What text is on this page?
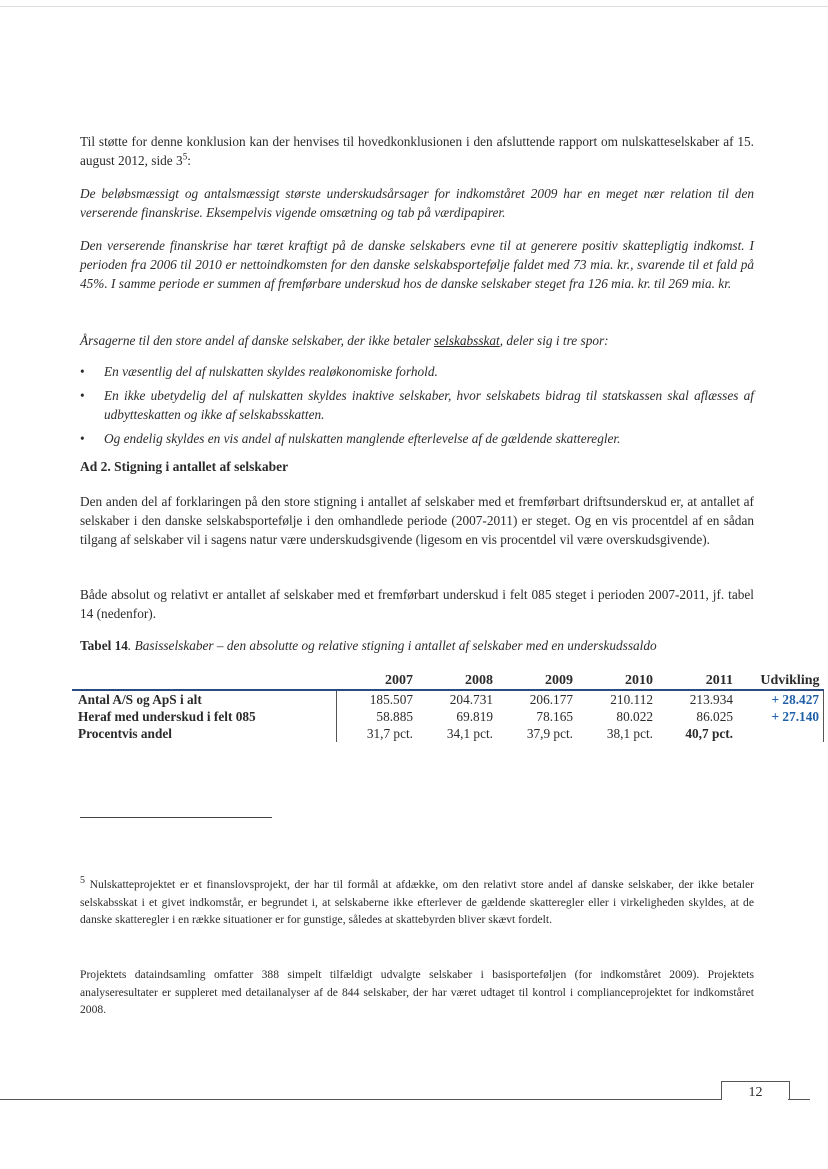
Til støtte for denne konklusion kan der henvises til hovedkonklusionen i den afsluttende rapport om nulskatteselskaber af 15. august 2012, side $3^5$:

De beløbsmæssigt og antalsmæssigt største underskudsårsager for indkomståret 2009 har en meget nær relation til den verserende finanskrise. Eksempelvis vigende omsætning og tab på værdipapirer.

Den verserende finanskrise har tæret kraftigt på de danske selskabers evne til at generere positiv skattepligtig indkomst. I perioden fra 2006 til 2010 er nettoindkomsten for den danske selskabsportefølje faldet med 73 mia. kr., svarende til et fald på 45%. I samme periode er summen af fremførbare underskud hos de danske selskaber steget fra 126 mia. kr. til 269 mia. kr.

Årsagerne til den store andel af danske selskaber, der ikke betaler selskabsskat, deler sig i tre spor:

• En væsentlig del af nulskatten skyldes realøkonomiske forhold.
• En ikke ubetydelig del af nulskatten skyldes inaktive selskaber, hvor selskabets bidrag til statskassen skal aflæsses af udbytteskatten og ikke af selskabsskatten.
• Og endelig skyldes en vis andel af nulskatten manglende efterlevelse af de gældende skatteregler.
Ad 2. Stigning i antallet af selskaber

Den anden del af forklaringen på den store stigning i antallet af selskaber med et fremførbart driftsunderskud er, at antallet af selskaber i den danske selskabsportefølje i den omhandlede periode (2007-2011) er steget. Og en vis procentdel af en sådan tilgang af selskaber vil i sagens natur være underskudsgivende (ligesom en vis procentdel vil være overskudsgivende).

Både absolut og relativt er antallet af selskaber med et fremførbart underskud i felt 085 steget i perioden 2007-2011, jf. tabel 14 (nedenfor).

Tabel 14. Basisselskaber – den absolutte og relative stigning i antallet af selskaber med en underskudssaldo

	2007	2008	2009	2010	2011	Udvikling
Antal A/S og ApS i alt	185.507	204.731	206.177	210.112	213.934	+ 28.427
Heraf med underskud i felt 085	58.885	69.819	78.165	80.022	86.025	+ 27.140
Procentvis andel	31,7 pct.	34,1 pct.	37,9 pct.	38,1 pct.	40,7 pct.	

$^5$ Nulskatteprojektet er et finanslovsprojekt, der har til formål at afdække, om den relativt store andel af danske selskaber, der ikke betaler selskabsskat i et givet indkomstår, er begrundet i, at selskaberne ikke efterlever de gældende skatteregler eller i virkeligheden skyldes, at de danske skatteregler i en række situationer er for gunstige, således at skattebyrden bliver skævt fordelt.

Projektets dataindsamling omfatter 388 simpelt tilfældigt udvalgte selskaber i basisporteføljen (for indkomståret 2009). Projektets analyseresultater er suppleret med detailanalyser af de 844 selskaber, der har været udtaget til kontrol i complianceprojektet for indkomståret 2008.

12
